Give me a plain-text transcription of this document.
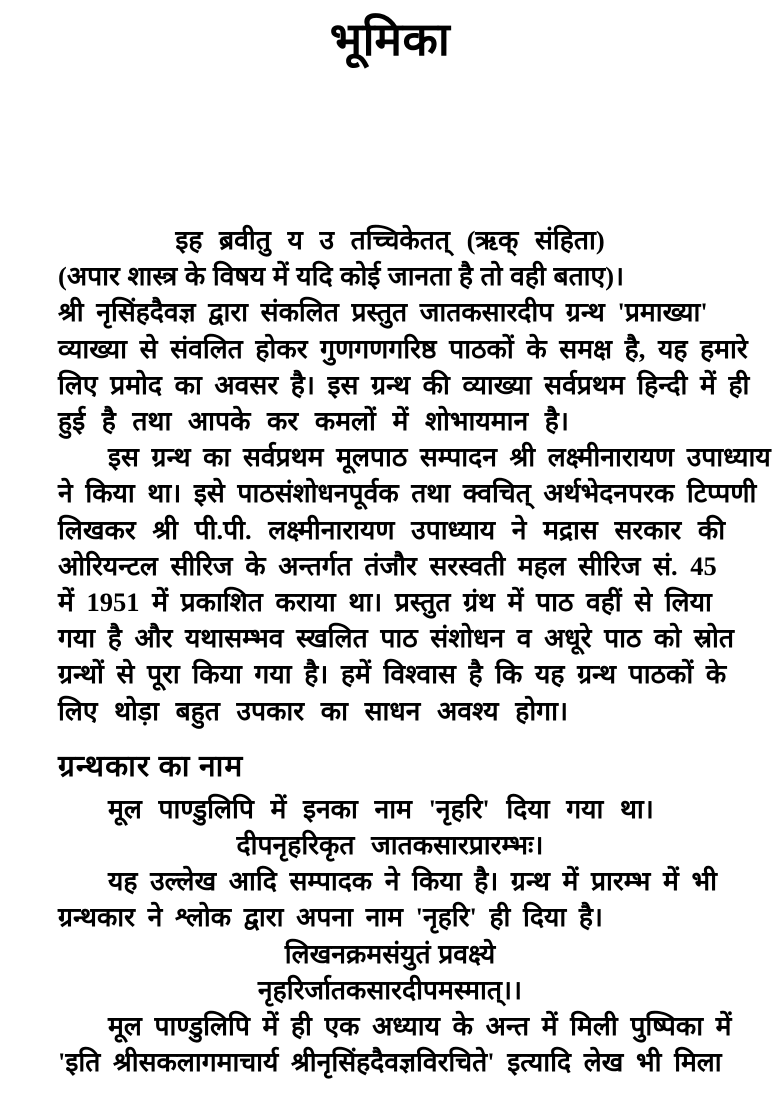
भूमिका
इह ब्रवीतु य उ तच्चिकेतत् (ऋक् संहिता)
(अपार शास्त्र के विषय में यदि कोई जानता है तो वही बताए)।
श्री नृसिंहदैवज्ञ द्वारा संकलित प्रस्तुत जातकसारदीप ग्रन्थ 'प्रमाख्या'
व्याख्या से संवलित होकर गुणगणगरिष्ठ पाठकों के समक्ष है, यह हमारे
लिए प्रमोद का अवसर है। इस ग्रन्थ की व्याख्या सर्वप्रथम हिन्दी में ही
हुई है तथा आपके कर कमलों में शोभायमान है।
इस ग्रन्थ का सर्वप्रथम मूलपाठ सम्पादन श्री लक्ष्मीनारायण उपाध्याय
ने किया था। इसे पाठसंशोधनपूर्वक तथा क्वचित् अर्थभेदनपरक टिप्पणी
लिखकर श्री पी.पी. लक्ष्मीनारायण उपाध्याय ने मद्रास सरकार की
ओरियन्टल सीरिज के अन्तर्गत तंजौर सरस्वती महल सीरिज सं. 45
में 1951 में प्रकाशित कराया था। प्रस्तुत ग्रंथ में पाठ वहीं से लिया
गया है और यथासम्भव स्खलित पाठ संशोधन व अधूरे पाठ को स्रोत
ग्रन्थों से पूरा किया गया है। हमें विश्वास है कि यह ग्रन्थ पाठकों के
लिए थोड़ा बहुत उपकार का साधन अवश्य होगा।
ग्रन्थकार का नाम
मूल पाण्डुलिपि में इनका नाम 'नृहरि' दिया गया था।
दीपनृहरिकृत जातकसारप्रारम्भः।
यह उल्लेख आदि सम्पादक ने किया है। ग्रन्थ में प्रारम्भ में भी
ग्रन्थकार ने श्लोक द्वारा अपना नाम 'नृहरि' ही दिया है।
लिखनक्रमसंयुतं प्रवक्ष्ये
नृहरिर्जातकसारदीपमस्मात्।।
मूल पाण्डुलिपि में ही एक अध्याय के अन्त में मिली पुष्पिका में
'इति श्रीसकलागमाचार्य श्रीनृसिंहदैवज्ञविरचिते' इत्यादि लेख भी मिला
